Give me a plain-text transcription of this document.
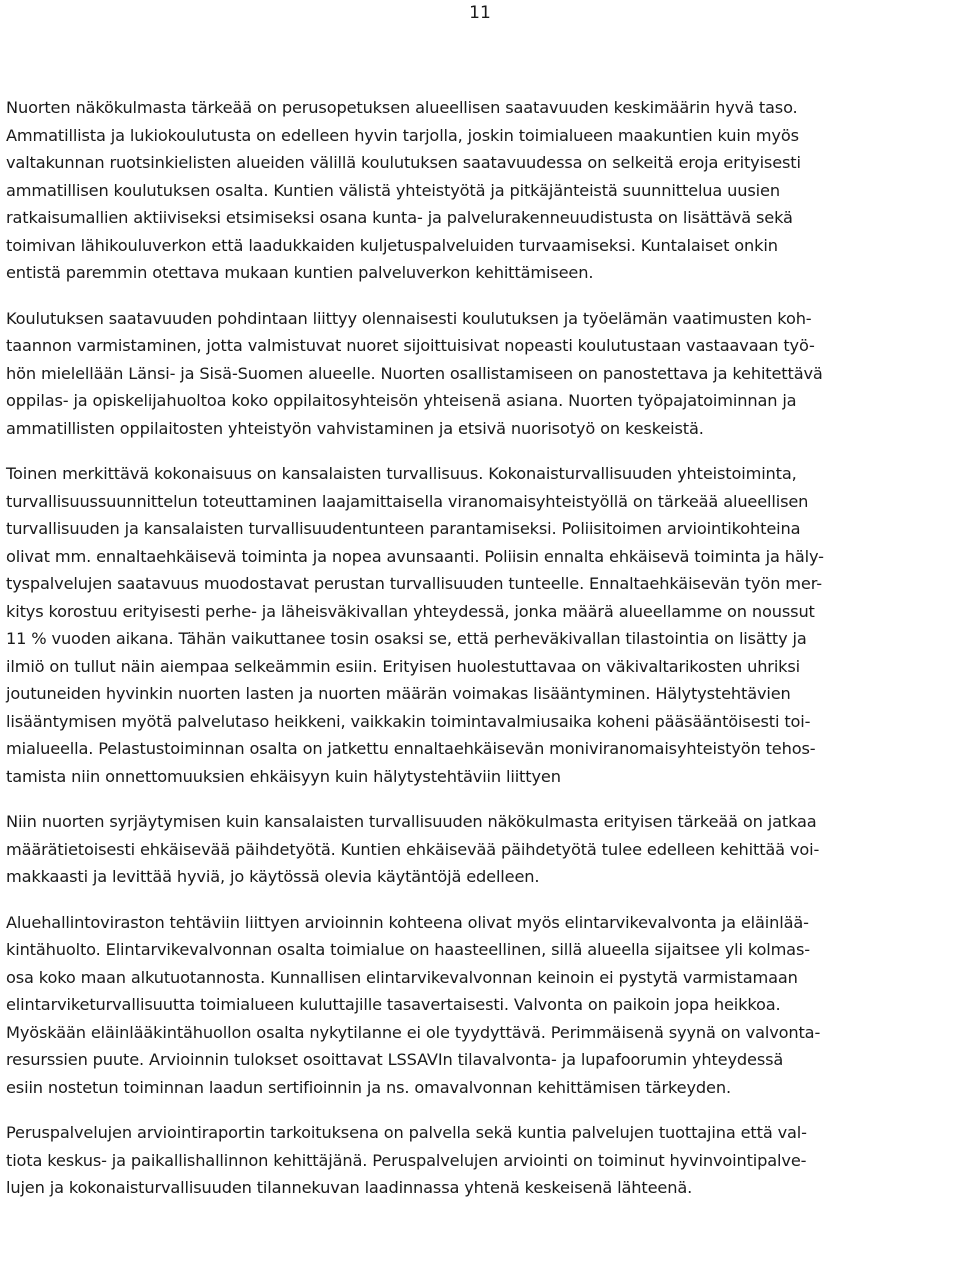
11

Nuorten näkökulmasta tärkeää on perusopetuksen alueellisen saatavuuden keskimäärin hyvä taso.
Ammatillista ja lukiokoulutusta on edelleen hyvin tarjolla, joskin toimialueen maakuntien kuin myös
valtakunnan ruotsinkielisten alueiden välillä koulutuksen saatavuudessa on selkeitä eroja erityisesti
ammatillisen koulutuksen osalta. Kuntien välistä yhteistyötä ja pitkäjänteistä suunnittelua uusien
ratkaisumallien aktiiviseksi etsimiseksi osana kunta- ja palvelurakenneuudistusta on lisättävä sekä
toimivan lähikouluverkon että laadukkaiden kuljetuspalveluiden turvaamiseksi. Kuntalaiset onkin
entistä paremmin otettava mukaan kuntien palveluverkon kehittämiseen.

Koulutuksen saatavuuden pohdintaan liittyy olennaisesti koulutuksen ja työelämän vaatimusten koh-
taannon varmistaminen, jotta valmistuvat nuoret sijoittuisivat nopeasti koulutustaan vastaavaan työ-
hön mielellään Länsi- ja Sisä-Suomen alueelle. Nuorten osallistamiseen on panostettava ja kehitettävä
oppilas- ja opiskelijahuoltoa koko oppilaitosyhteisön yhteisenä asiana. Nuorten työpajatoiminnan ja
ammatillisten oppilaitosten yhteistyön vahvistaminen ja etsivä nuorisotyö on keskeistä.

Toinen merkittävä kokonaisuus on kansalaisten turvallisuus. Kokonaisturvallisuuden yhteistoiminta,
turvallisuussuunnittelun toteuttaminen laajamittaisella viranomaisyhteistyöllä on tärkeää alueellisen
turvallisuuden ja kansalaisten turvallisuudentunteen parantamiseksi. Poliisitoimen arviointikohteina
olivat mm. ennaltaehkäisevä toiminta ja nopea avunsaanti. Poliisin ennalta ehkäisevä toiminta ja häly-
tyspalvelujen saatavuus muodostavat perustan turvallisuuden tunteelle. Ennaltaehkäisevän työn mer-
kitys korostuu erityisesti perhe- ja läheisväkivallan yhteydessä, jonka määrä alueellamme on noussut
11 % vuoden aikana. Tähän vaikuttanee tosin osaksi se, että perheväkivallan tilastointia on lisätty ja
ilmiö on tullut näin aiempaa selkeämmin esiin. Erityisen huolestuttavaa on väkivaltarikosten uhriksi
joutuneiden hyvinkin nuorten lasten ja nuorten määrän voimakas lisääntyminen. Hälytystehtävien
lisääntymisen myötä palvelutaso heikkeni, vaikkakin toimintavalmiusaika koheni pääsääntöisesti toi-
mialueella. Pelastustoiminnan osalta on jatkettu ennaltaehkäisevän moniviranomaisyhteistyön tehos-
tamista niin onnettomuuksien ehkäisyyn kuin hälytystehtäviin liittyen

Niin nuorten syrjäytymisen kuin kansalaisten turvallisuuden näkökulmasta erityisen tärkeää on jatkaa
määrätietoisesti ehkäisevää päihdetyötä. Kuntien ehkäisevää päihdetyötä tulee edelleen kehittää voi-
makkaasti ja levittää hyviä, jo käytössä olevia käytäntöjä edelleen.

Aluehallintoviraston tehtäviin liittyen arvioinnin kohteena olivat myös elintarvikevalvonta ja eläinlää-
kintähuolto. Elintarvikevalvonnan osalta toimialue on haasteellinen, sillä alueella sijaitsee yli kolmas-
osa koko maan alkutuotannosta. Kunnallisen elintarvikevalvonnan keinoin ei pystytä varmistamaan
elintarviketurvallisuutta toimialueen kuluttajille tasavertaisesti. Valvonta on paikoin jopa heikkoa.
Myöskään eläinlääkintähuollon osalta nykytilanne ei ole tyydyttävä. Perimmäisenä syynä on valvonta-
resurssien puute. Arvioinnin tulokset osoittavat LSSAVIn tilavalvonta- ja lupafoorumin yhteydessä
esiin nostetun toiminnan laadun sertifioinnin ja ns. omavalvonnan kehittämisen tärkeyden.

Peruspalvelujen arviointiraportin tarkoituksena on palvella sekä kuntia palvelujen tuottajina että val-
tiota keskus- ja paikallishallinnon kehittäjänä. Peruspalvelujen arviointi on toiminut hyvinvointipalve-
lujen ja kokonaisturvallisuuden tilannekuvan laadinnassa yhtenä keskeisenä lähteenä.
